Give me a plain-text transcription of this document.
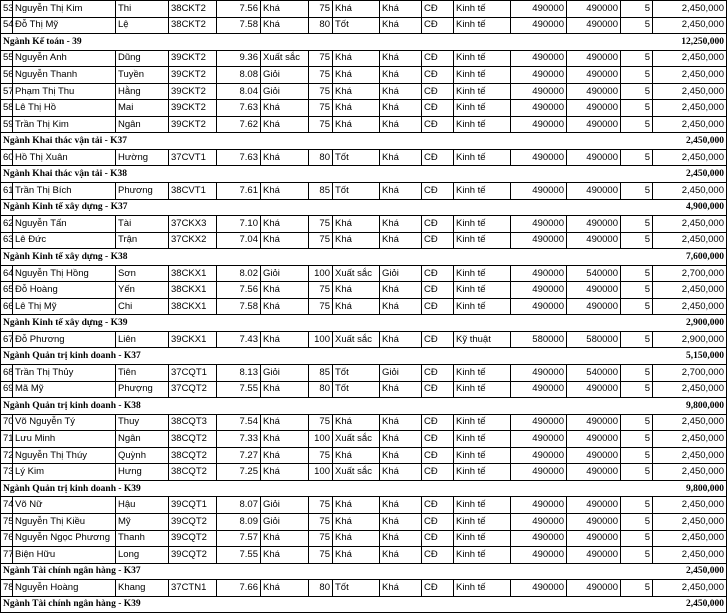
53	Nguyễn Thị Kim	Thi	38CKT2	7.56	Khá	75	Khá	Khá	CĐ	Kinh tế	490000	490000	5	2,450,000
54	Đỗ Thị Mỹ	Lệ	38CKT2	7.58	Khá	80	Tốt	Khá	CĐ	Kinh tế	490000	490000	5	2,450,000
Ngành Kế toán - 39														12,250,000
55	Nguyễn Anh	Dũng	39CKT2	9.36	Xuất sắc	75	Khá	Khá	CĐ	Kinh tế	490000	490000	5	2,450,000
56	Nguyễn Thanh	Tuyền	39CKT2	8.08	Giỏi	75	Khá	Khá	CĐ	Kinh tế	490000	490000	5	2,450,000
57	Phạm Thị Thu	Hằng	39CKT2	8.04	Giỏi	75	Khá	Khá	CĐ	Kinh tế	490000	490000	5	2,450,000
58	Lê Thị Hồ	Mai	39CKT2	7.63	Khá	75	Khá	Khá	CĐ	Kinh tế	490000	490000	5	2,450,000
59	Trần Thị Kim	Ngân	39CKT2	7.62	Khá	75	Khá	Khá	CĐ	Kinh tế	490000	490000	5	2,450,000
Ngành Khai thác vận tải - K37														2,450,000
60	Hồ Thị Xuân	Hường	37CVT1	7.63	Khá	80	Tốt	Khá	CĐ	Kinh tế	490000	490000	5	2,450,000
Ngành Khai thác vận tải - K38														2,450,000
61	Trần Thị Bích	Phương	38CVT1	7.61	Khá	85	Tốt	Khá	CĐ	Kinh tế	490000	490000	5	2,450,000
Ngành Kinh tế xây dựng - K37														4,900,000
62	Nguyễn Tấn	Tài	37CKX3	7.10	Khá	75	Khá	Khá	CĐ	Kinh tế	490000	490000	5	2,450,000
63	Lê Đức	Trận	37CKX2	7.04	Khá	75	Khá	Khá	CĐ	Kinh tế	490000	490000	5	2,450,000
Ngành Kinh tế xây dựng - K38														7,600,000
64	Nguyễn Thị Hồng	Sơn	38CKX1	8.02	Giỏi	100	Xuất sắc	Giỏi	CĐ	Kinh tế	490000	540000	5	2,700,000
65	Đỗ Hoàng	Yến	38CKX1	7.56	Khá	75	Khá	Khá	CĐ	Kinh tế	490000	490000	5	2,450,000
66	Lê Thị Mỹ	Chi	38CKX1	7.58	Khá	75	Khá	Khá	CĐ	Kinh tế	490000	490000	5	2,450,000
Ngành Kinh tế xây dựng - K39														2,900,000
67	Đỗ Phương	Liên	39CKX1	7.43	Khá	100	Xuất sắc	Khá	CĐ	Kỹ thuật	580000	580000	5	2,900,000
Ngành Quản trị kinh doanh - K37														5,150,000
68	Trần Thị Thủy	Tiên	37CQT1	8.13	Giỏi	85	Tốt	Giỏi	CĐ	Kinh tế	490000	540000	5	2,700,000
69	Mã Mỹ	Phượng	37CQT2	7.55	Khá	80	Tốt	Khá	CĐ	Kinh tế	490000	490000	5	2,450,000
Ngành Quản trị kinh doanh - K38														9,800,000
70	Võ Nguyễn Tý	Thuy	38CQT3	7.54	Khá	75	Khá	Khá	CĐ	Kinh tế	490000	490000	5	2,450,000
71	Lưu Minh	Ngân	38CQT2	7.33	Khá	100	Xuất sắc	Khá	CĐ	Kinh tế	490000	490000	5	2,450,000
72	Nguyễn Thị Thúy	Quỳnh	38CQT2	7.27	Khá	75	Khá	Khá	CĐ	Kinh tế	490000	490000	5	2,450,000
73	Lý Kim	Hưng	38CQT2	7.25	Khá	100	Xuất sắc	Khá	CĐ	Kinh tế	490000	490000	5	2,450,000
Ngành Quản trị kinh doanh - K39														9,800,000
74	Võ Nữ	Hậu	39CQT1	8.07	Giỏi	75	Khá	Khá	CĐ	Kinh tế	490000	490000	5	2,450,000
75	Nguyễn Thị Kiều	Mỹ	39CQT2	8.09	Giỏi	75	Khá	Khá	CĐ	Kinh tế	490000	490000	5	2,450,000
76	Nguyễn Ngọc Phương	Thanh	39CQT2	7.57	Khá	75	Khá	Khá	CĐ	Kinh tế	490000	490000	5	2,450,000
77	Biện Hữu	Long	39CQT2	7.55	Khá	75	Khá	Khá	CĐ	Kinh tế	490000	490000	5	2,450,000
Ngành Tài chính ngân hàng - K37														2,450,000
78	Nguyễn Hoàng	Khang	37CTN1	7.66	Khá	80	Tốt	Khá	CĐ	Kinh tế	490000	490000	5	2,450,000
Ngành Tài chính ngân hàng - K39														2,450,000
